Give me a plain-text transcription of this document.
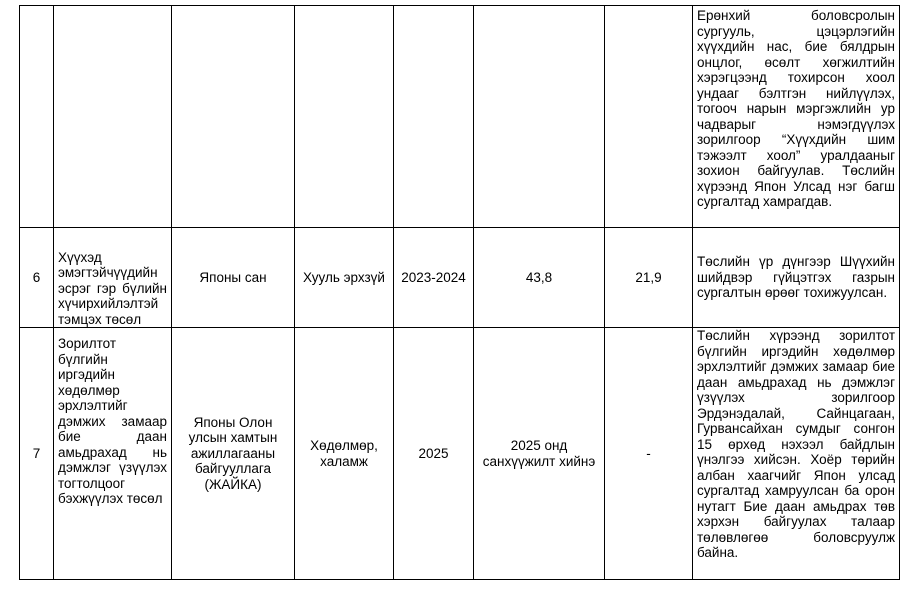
							Ерөнхий боловсролын сургууль, цэцэрлэгийн хүүхдийн нас, бие бялдрын онцлог, өсөлт хөгжилтийн хэрэгцээнд тохирсон хоол ундааг бэлтгэн нийлүүлэх, тогооч нарын мэргэжлийн ур чадварыг нэмэгдүүлэх зорилгоор “Хүүхдийн шим тэжээлт хоол” уралдааныг зохион байгуулав. Төслийн хүрээнд Япон Улсад нэг багш сургалтад хамрагдав.
6	Хүүхэд эмэгтэйчүүдийн эсрэг гэр бүлийн хүчирхийлэлтэй тэмцэх төсөл	Японы сан	Хууль эрхзүй	2023-2024	43,8	21,9	Төслийн үр дүнгээр Шүүхийн шийдвэр гүйцэтгэх газрын сургалтын өрөөг тохижуулсан.
7	Зорилтот бүлгийн иргэдийн хөдөлмөр эрхлэлтийг дэмжих замаар бие даан амьдрахад нь дэмжлэг үзүүлэх тогтолцоог бэхжүүлэх төсөл	Японы Олон улсын хамтын ажиллагааны байгууллага (ЖАЙКА)	Хөдөлмөр, халамж	2025	2025 онд санхүүжилт хийнэ	-	Төслийн хүрээнд зорилтот бүлгийн иргэдийн хөдөлмөр эрхлэлтийг дэмжих замаар бие даан амьдрахад нь дэмжлэг үзүүлэх зорилгоор Эрдэнэдалай, Сайнцагаан, Гурвансайхан сумдыг сонгон 15 өрхөд нэхээл байдлын үнэлгээ хийсэн. Хоёр төрийн албан хаагчийг Япон улсад сургалтад хамруулсан ба орон нутагт Бие даан амьдрах төв хэрхэн байгуулах талаар төлөвлөгөө боловсруулж байна.
